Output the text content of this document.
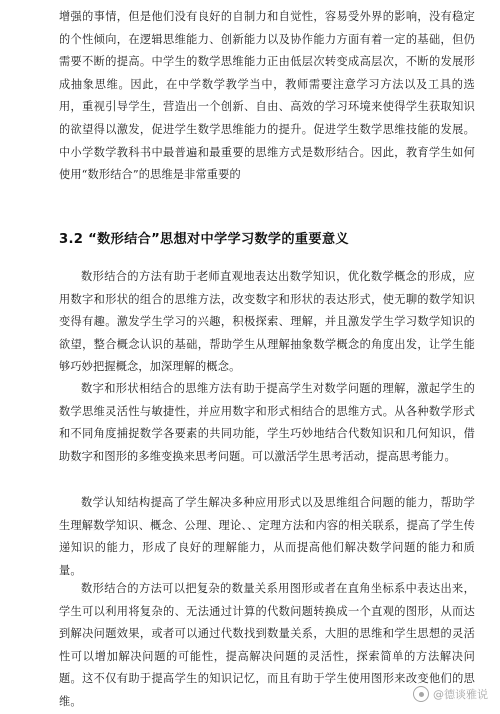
增强的事情，但是他们没有良好的自制力和自觉性，容易受外界的影响，没有稳定的个性倾向，在逻辑思维能力、创新能力以及协作能力方面有着一定的基础，但仍需要不断的提高。中学生的数学思维能力正由低层次转变成高层次，不断的发展形成抽象思维。因此，在中学数学教学当中，教师需要注意学习方法以及工具的选用，重视引导学生，营造出一个创新、自由、高效的学习环境来使得学生获取知识的欲望得以激发，促进学生数学思维能力的提升。促进学生数学思维技能的发展。中小学数学教科书中最普遍和最重要的思维方式是数形结合。因此，教育学生如何使用“数形结合”的思维是非常重要的

3.2 “数形结合”思想对中学学习数学的重要意义

数形结合的方法有助于老师直观地表达出数学知识，优化数学概念的形成，应用数字和形状的组合的思维方法，改变数字和形状的表达形式，使无聊的数学知识变得有趣。激发学生学习的兴趣，积极探索、理解，并且激发学生学习数学知识的欲望，整合概念认识的基础，帮助学生从理解抽象数学概念的角度出发，让学生能够巧妙把握概念，加深理解的概念。

数字和形状相结合的思维方法有助于提高学生对数学问题的理解，激起学生的数学思维灵活性与敏捷性，并应用数字和形式相结合的思维方式。从各种数学形式和不同角度捕捉数学各要素的共同功能，学生巧妙地结合代数知识和几何知识，借助数字和图形的多维变换来思考问题。可以激活学生思考活动，提高思考能力。

数学认知结构提高了学生解决多种应用形式以及思维组合问题的能力，帮助学生理解数学知识、概念、公理、理论、、定理方法和内容的相关联系，提高了学生传递知识的能力，形成了良好的理解能力，从而提高他们解决数学问题的能力和质量。

数形结合的方法可以把复杂的数量关系用图形或者在直角坐标系中表达出来，学生可以利用将复杂的、无法通过计算的代数问题转换成一个直观的图形，从而达到解决问题效果，或者可以通过代数找到数量关系，大胆的思维和学生思想的灵活性可以增加解决问题的可能性，提高解决问题的灵活性，探索简单的方法解决问题。这不仅有助于提高学生的知识记忆，而且有助于学生使用图形来改变他们的思维。

@德谈雅说
